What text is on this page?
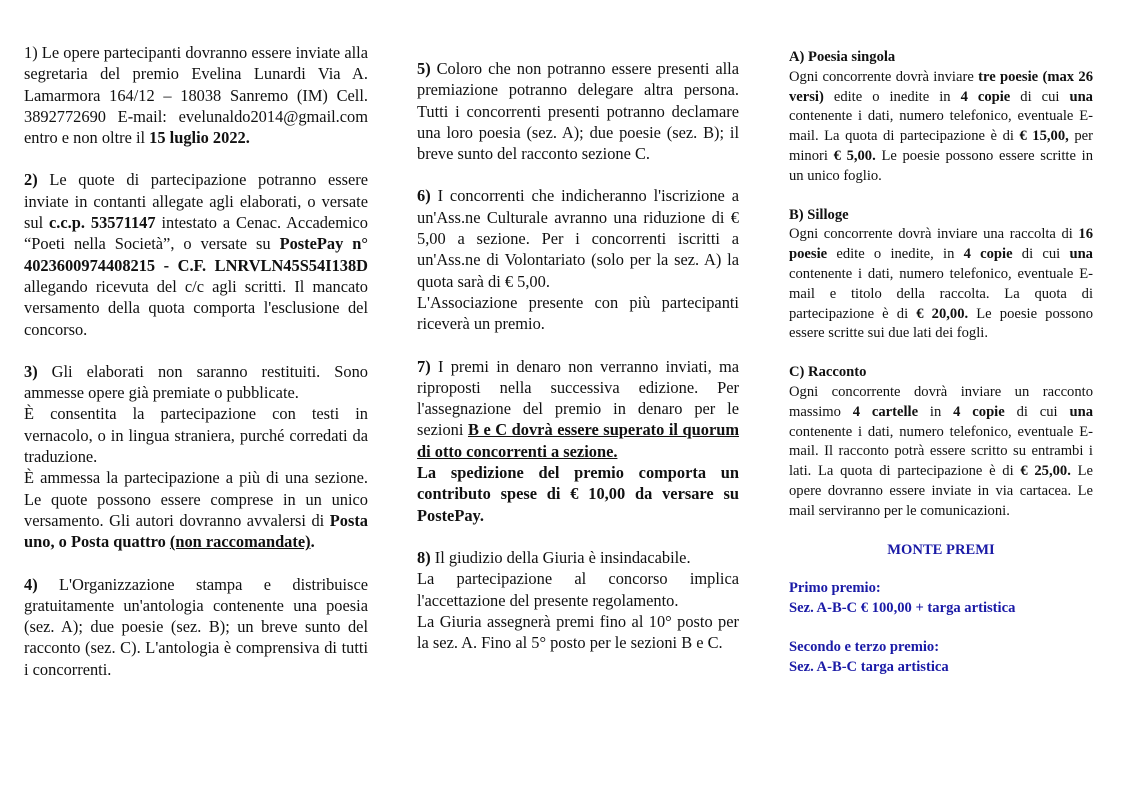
1) Le opere partecipanti dovranno essere inviate alla segretaria del premio Evelina Lunardi Via A. Lamarmora 164/12 – 18038 Sanremo (IM) Cell. 3892772690 E-mail: evelunaldo2014@gmail.com entro e non oltre il 15 luglio 2022.

2) Le quote di partecipazione potranno essere inviate in contanti allegate agli elaborati, o versate sul c.c.p. 53571147 intestato a Cenac. Accademico “Poeti nella Società”, o versate su PostePay n° 4023600974408215 - C.F. LNRVLN45S54I138D allegando ricevuta del c/c agli scritti. Il mancato versamento della quota comporta l'esclusione del concorso.

3) Gli elaborati non saranno restituiti. Sono ammesse opere già premiate o pubblicate.

È consentita la partecipazione con testi in vernacolo, o in lingua straniera, purché corredati da traduzione.

È ammessa la partecipazione a più di una sezione. Le quote possono essere comprese in un unico versamento. Gli autori dovranno avvalersi di Posta uno, o Posta quattro (non raccomandate).

4) L'Organizzazione stampa e distribuisce gratuitamente un'antologia contenente una poesia (sez. A); due poesie (sez. B); un breve sunto del racconto (sez. C). L'antologia è comprensiva di tutti i concorrenti.

5) Coloro che non potranno essere presenti alla premiazione potranno delegare altra persona. Tutti i concorrenti presenti potranno declamare una loro poesia (sez. A); due poesie (sez. B); il breve sunto del racconto sezione C.

6) I concorrenti che indicheranno l'iscrizione a un'Ass.ne Culturale avranno una riduzione di € 5,00 a sezione. Per i concorrenti iscritti a un'Ass.ne di Volontariato (solo per la sez. A) la quota sarà di € 5,00.

L'Associazione presente con più partecipanti riceverà un premio.

7) I premi in denaro non verranno inviati, ma riproposti nella successiva edizione. Per l'assegnazione del premio in denaro per le sezioni B e C dovrà essere superato il quorum di otto concorrenti a sezione.

La spedizione del premio comporta un contributo spese di € 10,00 da versare su PostePay.

8) Il giudizio della Giuria è insindacabile.

La partecipazione al concorso implica l'accettazione del presente regolamento.

La Giuria assegnerà premi fino al 10° posto per la sez. A. Fino al 5° posto per le sezioni B e C.

A) Poesia singola

Ogni concorrente dovrà inviare tre poesie (max 26 versi) edite o inedite in 4 copie di cui una contenente i dati, numero telefonico, eventuale E-mail. La quota di partecipazione è di € 15,00, per minori € 5,00. Le poesie possono essere scritte in un unico foglio.

B) Silloge

Ogni concorrente dovrà inviare una raccolta di 16 poesie edite o inedite, in 4 copie di cui una contenente i dati, numero telefonico, eventuale E-mail e titolo della raccolta. La quota di partecipazione è di € 20,00. Le poesie possono essere scritte sui due lati dei fogli.

C) Racconto

Ogni concorrente dovrà inviare un racconto massimo 4 cartelle in 4 copie di cui una contenente i dati, numero telefonico, eventuale E-mail. Il racconto potrà essere scritto su entrambi i lati. La quota di partecipazione è di € 25,00. Le opere dovranno essere inviate in via cartacea. Le mail serviranno per le comunicazioni.

MONTE PREMI

Primo premio:

Sez. A-B-C € 100,00 + targa artistica

Secondo e terzo premio:

Sez. A-B-C targa artistica
